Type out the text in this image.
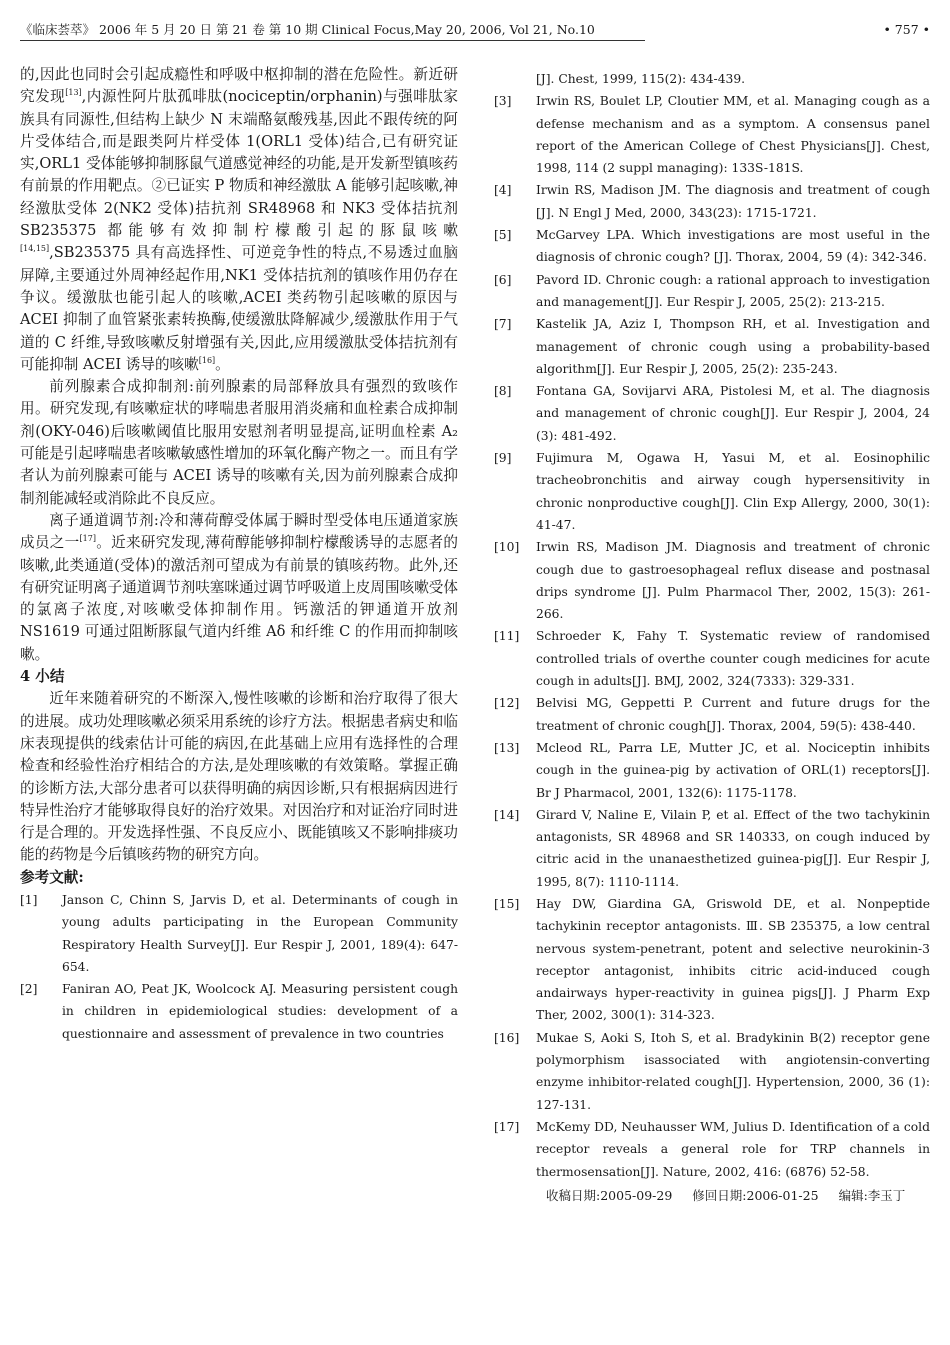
《临床荟萃》 2006 年 5 月 20 日 第 21 卷 第 10 期 Clinical Focus,May 20, 2006, Vol 21, No.10	• 757 •

的,因此也同时会引起成瘾性和呼吸中枢抑制的潜在危险性。新近研究发现[13],内源性阿片肽孤啡肽(nociceptin/orphanin)与强啡肽家族具有同源性,但结构上缺少 N 末端酪氨酸残基,因此不跟传统的阿片受体结合,而是跟类阿片样受体 1(ORL1 受体)结合,已有研究证实,ORL1 受体能够抑制豚鼠气道感觉神经的功能,是开发新型镇咳药有前景的作用靶点。②已证实 P 物质和神经激肽 A 能够引起咳嗽,神经激肽受体 2(NK2 受体)拮抗剂 SR48968 和 NK3 受体拮抗剂 SB235375 都能够有效抑制柠檬酸引起的豚鼠咳嗽[14,15],SB235375 具有高选择性、可逆竞争性的特点,不易透过血脑屏障,主要通过外周神经起作用,NK1 受体拮抗剂的镇咳作用仍存在争议。缓激肽也能引起人的咳嗽,ACEI 类药物引起咳嗽的原因与 ACEI 抑制了血管紧张素转换酶,使缓激肽降解减少,缓激肽作用于气道的 C 纤维,导致咳嗽反射增强有关,因此,应用缓激肽受体拮抗剂有可能抑制 ACEI 诱导的咳嗽[16]。

前列腺素合成抑制剂:前列腺素的局部释放具有强烈的致咳作用。研究发现,有咳嗽症状的哮喘患者服用消炎痛和血栓素合成抑制剂(OKY-046)后咳嗽阈值比服用安慰剂者明显提高,证明血栓素 A₂ 可能是引起哮喘患者咳嗽敏感性增加的环氧化酶产物之一。而且有学者认为前列腺素可能与 ACEI 诱导的咳嗽有关,因为前列腺素合成抑制剂能减轻或消除此不良反应。

离子通道调节剂:冷和薄荷醇受体属于瞬时型受体电压通道家族成员之一[17]。近来研究发现,薄荷醇能够抑制柠檬酸诱导的志愿者的咳嗽,此类通道(受体)的激活剂可望成为有前景的镇咳药物。此外,还有研究证明离子通道调节剂呋塞咪通过调节呼吸道上皮周围咳嗽受体的氯离子浓度,对咳嗽受体抑制作用。钙激活的钾通道开放剂 NS1619 可通过阻断豚鼠气道内纤维 Aδ 和纤维 C 的作用而抑制咳嗽。

4 小结

近年来随着研究的不断深入,慢性咳嗽的诊断和治疗取得了很大的进展。成功处理咳嗽必须采用系统的诊疗方法。根据患者病史和临床表现提供的线索估计可能的病因,在此基础上应用有选择性的合理检查和经验性治疗相结合的方法,是处理咳嗽的有效策略。掌握正确的诊断方法,大部分患者可以获得明确的病因诊断,只有根据病因进行特异性治疗才能够取得良好的治疗效果。对因治疗和对证治疗同时进行是合理的。开发选择性强、不良反应小、既能镇咳又不影响排痰功能的药物是今后镇咳药物的研究方向。

参考文献:

[1]	Janson C, Chinn S, Jarvis D, et al. Determinants of cough in young adults participating in the European Community Respiratory Health Survey[J]. Eur Respir J, 2001, 189(4): 647-654.
[2]	Faniran AO, Peat JK, Woolcock AJ. Measuring persistent cough in children in epidemiological studies: development of a questionnaire and assessment of prevalence in two countries
[J]. Chest, 1999, 115(2): 434-439.
[3]	Irwin RS, Boulet LP, Cloutier MM, et al. Managing cough as a defense mechanism and as a symptom. A consensus panel report of the American College of Chest Physicians[J]. Chest, 1998, 114 (2 suppl managing): 133S-181S.
[4]	Irwin RS, Madison JM. The diagnosis and treatment of cough [J]. N Engl J Med, 2000, 343(23): 1715-1721.
[5]	McGarvey LPA. Which investigations are most useful in the diagnosis of chronic cough? [J]. Thorax, 2004, 59 (4): 342-346.
[6]	Pavord ID. Chronic cough: a rational approach to investigation and management[J]. Eur Respir J, 2005, 25(2): 213-215.
[7]	Kastelik JA, Aziz I, Thompson RH, et al. Investigation and management of chronic cough using a probability-based algorithm[J]. Eur Respir J, 2005, 25(2): 235-243.
[8]	Fontana GA, Sovijarvi ARA, Pistolesi M, et al. The diagnosis and management of chronic cough[J]. Eur Respir J, 2004, 24 (3): 481-492.
[9]	Fujimura M, Ogawa H, Yasui M, et al. Eosinophilic tracheobronchitis and airway cough hypersensitivity in chronic nonproductive cough[J]. Clin Exp Allergy, 2000, 30(1): 41-47.
[10]	Irwin RS, Madison JM. Diagnosis and treatment of chronic cough due to gastroesophageal reflux disease and postnasal drips syndrome [J]. Pulm Pharmacol Ther, 2002, 15(3): 261-266.
[11]	Schroeder K, Fahy T. Systematic review of randomised controlled trials of overthe counter cough medicines for acute cough in adults[J]. BMJ, 2002, 324(7333): 329-331.
[12]	Belvisi MG, Geppetti P. Current and future drugs for the treatment of chronic cough[J]. Thorax, 2004, 59(5): 438-440.
[13]	Mcleod RL, Parra LE, Mutter JC, et al. Nociceptin inhibits cough in the guinea-pig by activation of ORL(1) receptors[J]. Br J Pharmacol, 2001, 132(6): 1175-1178.
[14]	Girard V, Naline E, Vilain P, et al. Effect of the two tachykinin antagonists, SR 48968 and SR 140333, on cough induced by citric acid in the unanaesthetized guinea-pig[J]. Eur Respir J, 1995, 8(7): 1110-1114.
[15]	Hay DW, Giardina GA, Griswold DE, et al. Nonpeptide tachykinin receptor antagonists. Ⅲ. SB 235375, a low central nervous system-penetrant, potent and selective neurokinin-3 receptor antagonist, inhibits citric acid-induced cough andairways hyper-reactivity in guinea pigs[J]. J Pharm Exp Ther, 2002, 300(1): 314-323.
[16]	Mukae S, Aoki S, Itoh S, et al. Bradykinin B(2) receptor gene polymorphism isassociated with angiotensin-converting enzyme inhibitor-related cough[J]. Hypertension, 2000, 36 (1): 127-131.
[17]	McKemy DD, Neuhausser WM, Julius D. Identification of a cold receptor reveals a general role for TRP channels in thermosensation[J]. Nature, 2002, 416: (6876) 52-58.
收稿日期:2005-09-29 修回日期:2006-01-25 编辑:李玉丁
